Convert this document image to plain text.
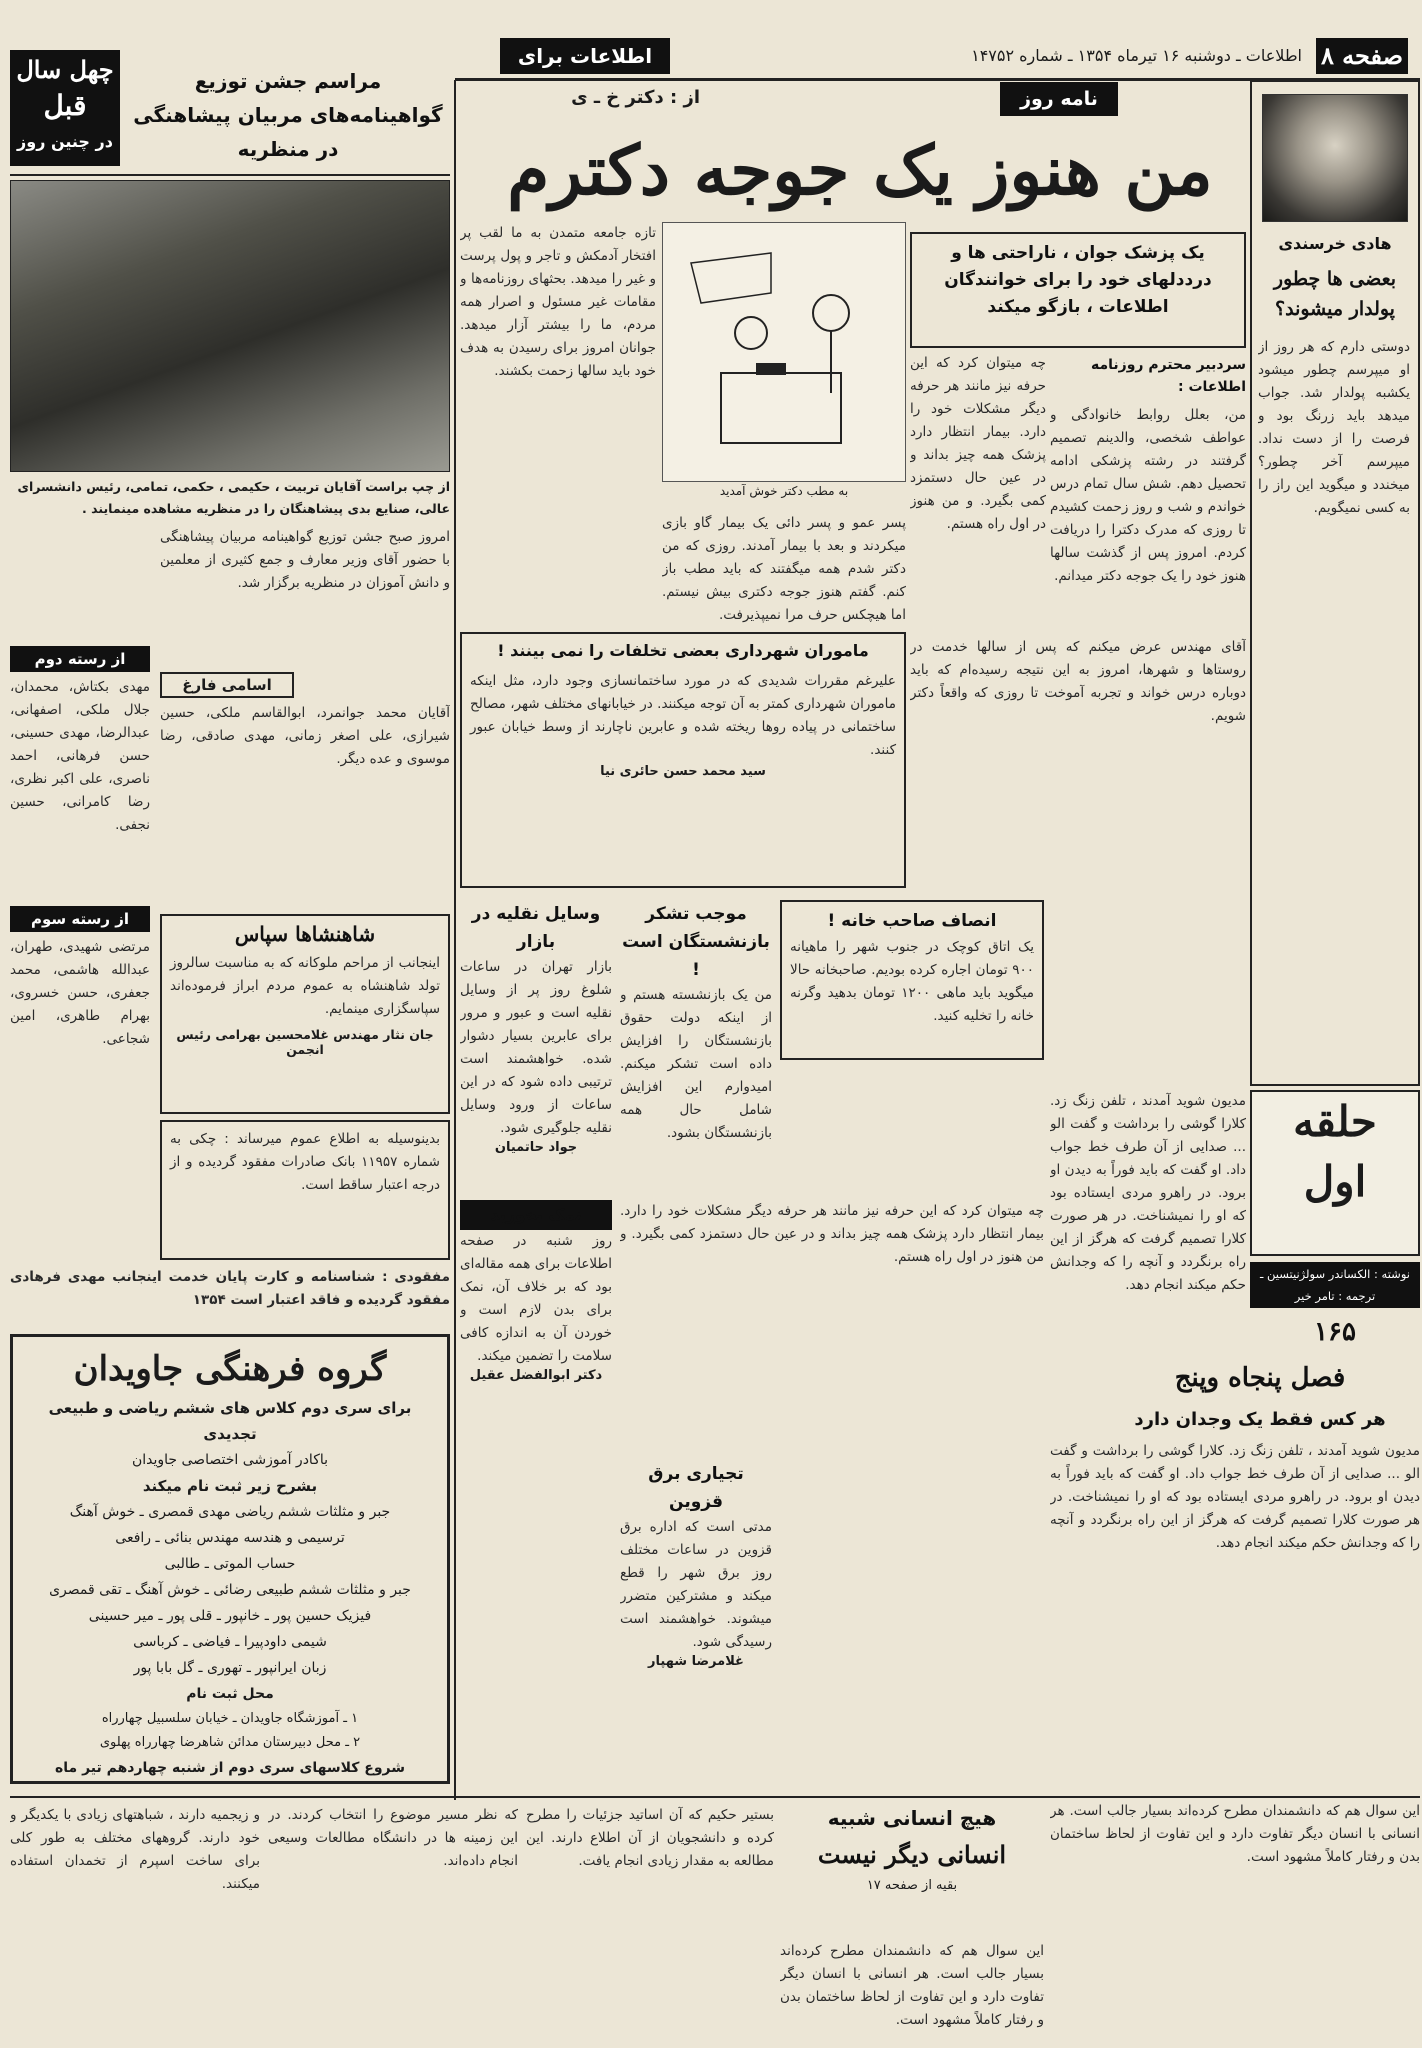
صفحه ۸
اطلاعات ـ دوشنبه ۱۶ تیرماه ۱۳۵۴ ـ شماره ۱۴۷۵۲
اطلاعات برای
نامه روز
از : دکتر خ ـ ی
من هنوز یک جوجه دکترم
هادی خرسندی
بعضی ها چطور پولدار میشوند؟
دوستی دارم که هر روز از او میپرسم چطور میشود یکشبه پولدار شد. جواب میدهد باید زرنگ بود و فرصت را از دست نداد. میپرسم آخر چطور؟ میخندد و میگوید این راز را به کسی نمیگویم.
چهل سال
قبل
در چنین روز
مراسم جشن توزیع گواهینامه‌های مربیان پیشاهنگی در منظریه
از چپ براست آقایان تربیت ، حکیمی ، حکمی، تمامی، رئیس دانشسرای عالی، صنایع بدی پیشاهنگان را در منظریه مشاهده مینمایند .
امروز صبح جشن توزیع گواهینامه مربیان پیشاهنگی با حضور آقای وزیر معارف و جمع کثیری از معلمین و دانش آموزان در منظریه برگزار شد.
از رسته دوم
مهدی بکتاش، محمدان، جلال ملکی، اصفهانی، عبدالرضا، مهدی حسینی، حسن فرهانی، احمد ناصری، علی اکبر نظری، رضا کامرانی، حسین نجفی.
اسامی فارغ
آقایان محمد جوانمرد، ابوالقاسم ملکی، حسین شیرازی، علی اصغر زمانی، مهدی صادقی، رضا موسوی و عده دیگر.
از رسته سوم
مرتضی شهیدی، طهران، عبدالله هاشمی، محمد جعفری، حسن خسروی، بهرام طاهری، امین شجاعی.
شاهنشاها سپاس
اینجانب از مراحم ملوکانه که به مناسبت سالروز تولد شاهنشاه به عموم مردم ابراز فرموده‌اند سپاسگزاری مینمایم.
جان نثار مهندس غلامحسین بهرامی رئیس انجمن
بدینوسیله به اطلاع عموم میرساند : چکی به شماره ۱۱۹۵۷ بانک صادرات مفقود گردیده و از درجه اعتبار ساقط است.
مفقودی : شناسنامه و کارت پایان خدمت اینجانب مهدی فرهادی مفقود گردیده و فاقد اعتبار است ۱۳۵۴
گروه فرهنگی جاویدان
برای سری دوم کلاس های ششم ریاضی و طبیعی تجدیدی
باکادر آموزشی اختصاصی جاویدان
بشرح زیر ثبت نام میکند
جبر و مثلثات ششم ریاضی مهدی قمصری ـ خوش آهنگ
ترسیمی و هندسه مهندس بنائی ـ رافعی
حساب الموتی ـ طالبی
جبر و مثلثات ششم طبیعی رضائی ـ خوش آهنگ ـ تقی قمصری
فیزیک حسین پور ـ خانپور ـ قلی پور ـ میر حسینی
شیمی داودپیرا ـ فیاضی ـ کرباسی
زبان ایرانپور ـ تهوری ـ گل بابا پور
محل ثبت نام
۱ ـ آموزشگاه جاویدان ـ خیابان سلسبیل چهارراه
۲ ـ محل دبیرستان مدائن شاهرضا چهارراه پهلوی
شروع کلاسهای سری دوم از شنبه چهاردهم تیر ماه
یک پزشک جوان ، ناراحتی ها و دردد‌لهای خود را برای خوانندگان اطلاعات ، بازگو میکند
سردبیر محترم روزنامه اطلاعات :
من، بعلل روابط خانوادگی و عواطف شخصی، والدینم تصمیم گرفتند در رشته پزشکی ادامه تحصیل دهم. شش سال تمام درس خواندم و شب و روز زحمت کشیدم تا روزی که مدرک دکترا را دریافت کردم. امروز پس از گذشت سالها هنوز خود را یک جوجه دکتر میدانم.
به مطب دکتر خوش آمدید
تازه جامعه متمدن به ما لقب پر افتخار آدمکش و تاجر و پول پرست و غیر را میدهد. بحثهای روزنامه‌ها و مقامات غیر مسئول و اصرار همه مردم، ما را بیشتر آزار میدهد. جوانان امروز برای رسیدن به هدف خود باید سالها زحمت بکشند.
پسر عمو و پسر دائی یک بیمار گاو بازی میکردند و بعد با بیمار آمدند. روزی که من دکتر شدم همه میگفتند که باید مطب باز کنم. گفتم هنوز جوجه دکتری بیش نیستم. اما هیچکس حرف مرا نمیپذیرفت.
چه میتوان کرد که این حرفه نیز مانند هر حرفه دیگر مشکلات خود را دارد. بیمار انتظار دارد پزشک همه چیز بداند و در عین حال دستمزد کمی بگیرد. و من هنوز در اول راه هستم.
آقای مهندس عرض میکنم که پس از سالها خدمت در روستاها و شهرها، امروز به این نتیجه رسیده‌ام که باید دوباره درس خواند و تجربه آموخت تا روزی که واقعاً دکتر شویم.
ماموران شهرداری بعضی تخلفات را نمی بینند !
علیرغم مقررات شدیدی که در مورد ساختمانسازی وجود دارد، مثل اینکه ماموران شهرداری کمتر به آن توجه میکنند. در خیابانهای مختلف شهر، مصالح ساختمانی در پیاده روها ریخته شده و عابرین ناچارند از وسط خیابان عبور کنند.
سید محمد حسن حائری نیا
انصاف صاحب خانه !
یک اتاق کوچک در جنوب شهر را ماهیانه ۹۰۰ تومان اجاره کرده بودیم. صاحبخانه حالا میگوید باید ماهی ۱۲۰۰ تومان بدهید وگرنه خانه را تخلیه کنید.
موجب تشکر بازنشستگان است !
من یک بازنشسته هستم و از اینکه دولت حقوق بازنشستگان را افزایش داده است تشکر میکنم. امیدوارم این افزایش شامل حال همه بازنشستگان بشود.
وسایل نقلیه در بازار
بازار تهران در ساعات شلوغ روز پر از وسایل نقلیه است و عبور و مرور برای عابرین بسیار دشوار شده. خواهشمند است ترتیبی داده شود که در این ساعات از ورود وسایل نقلیه جلوگیری شود.
جواد حاتمیان
نمک بخورید
روز شنبه در صفحه اطلاعات برای همه مقاله‌ای بود که بر خلاف آن، نمک برای بدن لازم است و خوردن آن به اندازه کافی سلامت را تضمین میکند.
دکتر ابوالفضل عقیل
تجیاری برق قزوین
مدتی است که اداره برق قزوین در ساعات مختلف روز برق شهر را قطع میکند و مشترکین متضرر میشوند. خواهشمند است رسیدگی شود.
غلامرضا شهپار
چه میتوان کرد که این حرفه نیز مانند هر حرفه دیگر مشکلات خود را دارد. بیمار انتظار دارد پزشک همه چیز بداند و در عین حال دستمزد کمی بگیرد. و من هنوز در اول راه هستم.
حلقه
اول
نوشته : الکساندر سولژنیتسین ـ ترجمه : تامر خیر
۱۶۵
فصل پنجاه وپنج
هر کس فقط یک وجدان دارد
مدیون شوید آمدند ، تلفن زنگ زد. کلارا گوشی را برداشت و گفت الو ... صدایی از آن طرف خط جواب داد. او گفت که باید فوراً به دیدن او برود. در راهرو مردی ایستاده بود که او را نمیشناخت. در هر صورت کلارا تصمیم گرفت که هرگز از این راه برنگردد و آنچه را که وجدانش حکم میکند انجام دهد.
مدیون شوید آمدند ، تلفن زنگ زد. کلارا گوشی را برداشت و گفت الو ... صدایی از آن طرف خط جواب داد. او گفت که باید فوراً به دیدن او برود. در راهرو مردی ایستاده بود که او را نمیشناخت. در هر صورت کلارا تصمیم گرفت که هرگز از این راه برنگردد و آنچه را که وجدانش حکم میکند انجام دهد.
هیچ انسانی شبیه
انسانی دیگر نیست
بقیه از صفحه ۱۷
این سوال هم که دانشمندان مطرح کرده‌اند بسیار جالب است. هر انسانی با انسان دیگر تفاوت دارد و این تفاوت از لحاظ ساختمان بدن و رفتار کاملاً مشهود است.
این سوال هم که دانشمندان مطرح کرده‌اند بسیار جالب است. هر انسانی با انسان دیگر تفاوت دارد و این تفاوت از لحاظ ساختمان بدن و رفتار کاملاً مشهود است.
و زیجمیه دارند ، شباهتهای زیادی با یکدیگر و خود دارند. گروههای مختلف به طور کلی برای ساخت اسپرم از تخمدان استفاده میکنند.
که نظر مسیر موضوع را انتخاب کردند. در این زمینه ها در دانشگاه مطالعات وسیعی انجام داده‌اند.
بستیر حکیم که آن اساتید جزئیات را مطرح کرده و دانشجویان از آن اطلاع دارند. این مطالعه به مقدار زیادی انجام یافت.
